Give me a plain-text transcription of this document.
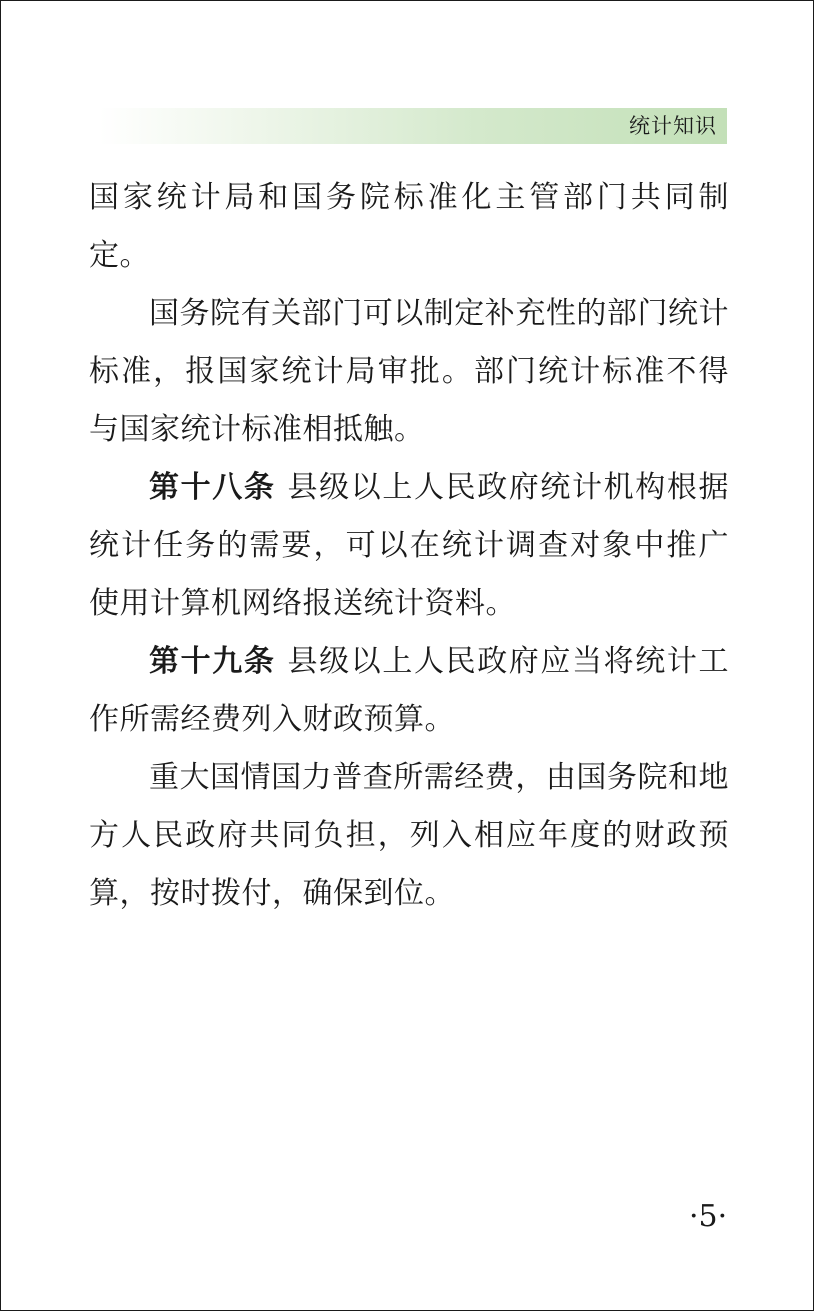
统计知识

国家统计局和国务院标准化主管部门共同制定。

国务院有关部门可以制定补充性的部门统计标准，报国家统计局审批。部门统计标准不得与国家统计标准相抵触。

第十八条 县级以上人民政府统计机构根据统计任务的需要，可以在统计调查对象中推广使用计算机网络报送统计资料。

第十九条 县级以上人民政府应当将统计工作所需经费列入财政预算。

重大国情国力普查所需经费，由国务院和地方人民政府共同负担，列入相应年度的财政预算，按时拨付，确保到位。

·5·
